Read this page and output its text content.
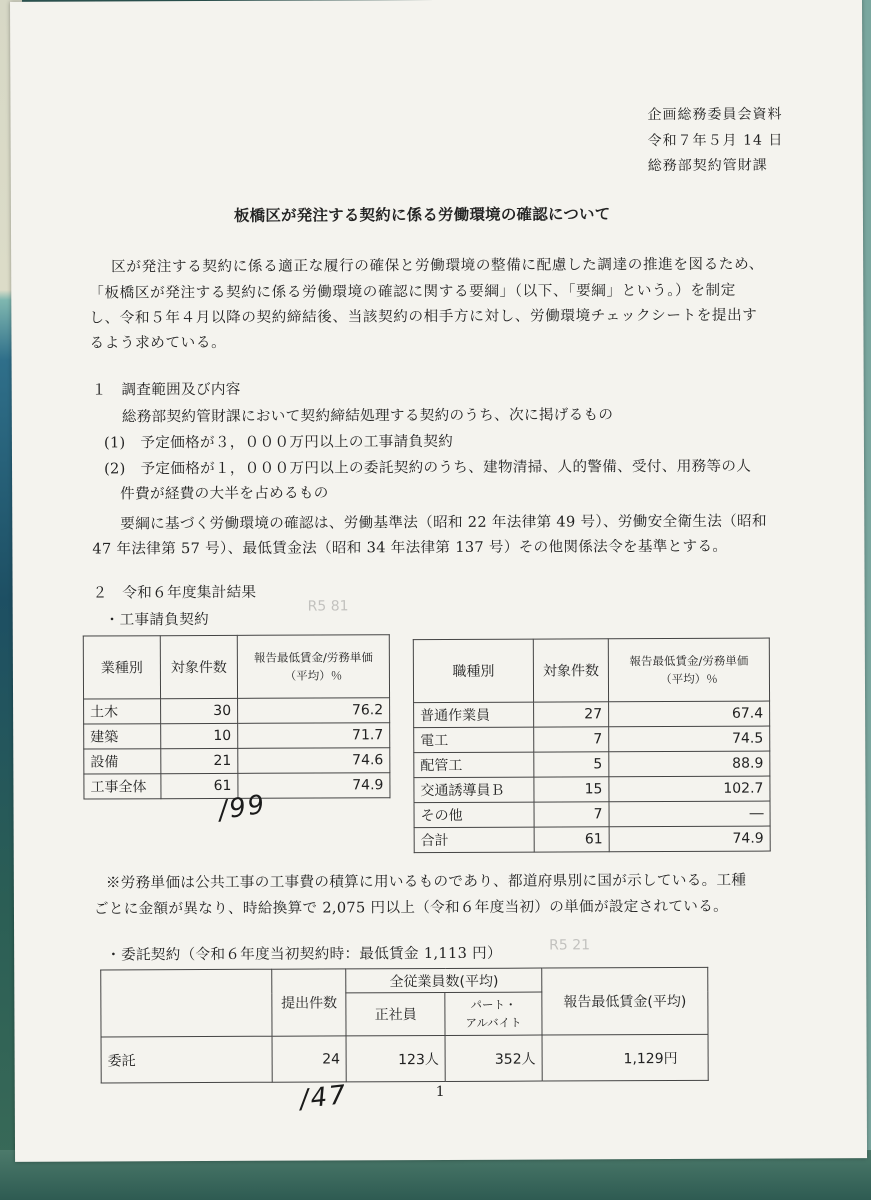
企画総務委員会資料
令和７年５月 14 日
総務部契約管財課
板橋区が発注する契約に係る労働環境の確認について
区が発注する契約に係る適正な履行の確保と労働環境の整備に配慮した調達の推進を図るため、
「板橋区が発注する契約に係る労働環境の確認に関する要綱」（以下、「要綱」という。）を制定
し、令和５年４月以降の契約締結後、当該契約の相手方に対し、労働環境チェックシートを提出す
るよう求めている。
１　調査範囲及び内容
総務部契約管財課において契約締結処理する契約のうち、次に掲げるもの
(1)　予定価格が３，０００万円以上の工事請負契約
(2)　予定価格が１，０００万円以上の委託契約のうち、建物清掃、人的警備、受付、用務等の人
件費が経費の大半を占めるもの
要綱に基づく労働環境の確認は、労働基準法（昭和 22 年法律第 49 号）、労働安全衛生法（昭和
47 年法律第 57 号）、最低賃金法（昭和 34 年法律第 137 号）その他関係法令を基準とする。
２　令和６年度集計結果
・工事請負契約
R5 81
業種別	対象件数	報告最低賃金/労務単価
（平均）％

土木	30	76.2
建築	10	71.7
設備	21	74.6
工事全体	61	74.9
職種別	対象件数	報告最低賃金/労務単価
（平均）％

普通作業員	27	67.4
電工	7	74.5
配管工	5	88.9
交通誘導員Ｂ	15	102.7
その他	7	―
合計	61	74.9
/99
※労務単価は公共工事の工事費の積算に用いるものであり、都道府県別に国が示している。工種
ごとに金額が異なり、時給換算で 2,075 円以上（令和６年度当初）の単価が設定されている。
・委託契約（令和６年度当初契約時：最低賃金 1,113 円）	R5 21
	提出件数	全従業員数(平均)		報告最低賃金(平均)
		正社員	パート・
アルバイト	

委託	24	123人	352人	1,129円
/47	1
